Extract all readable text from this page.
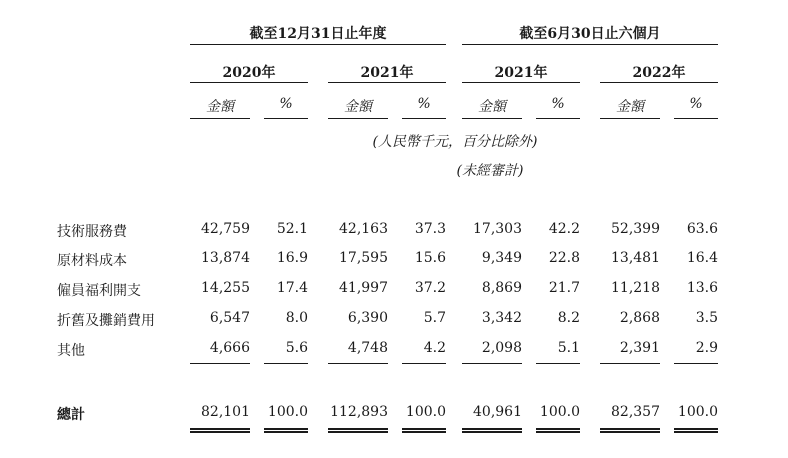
截至12月31日止年度	截至6月30日止六個月
2020年	2021年	2021年	2022年
金額	%	金額	%	金額	%	金額	%
(人民幣千元，百分比除外)
(未經審計)
技術服務費	42,759	52.1	42,163	37.3	17,303	42.2	52,399	63.6
原材料成本	13,874	16.9	17,595	15.6	9,349	22.8	13,481	16.4
僱員福利開支	14,255	17.4	41,997	37.2	8,869	21.7	11,218	13.6
折舊及攤銷費用	6,547	8.0	6,390	5.7	3,342	8.2	2,868	3.5
其他	4,666	5.6	4,748	4.2	2,098	5.1	2,391	2.9
總計	82,101	100.0	112,893	100.0	40,961	100.0	82,357	100.0
